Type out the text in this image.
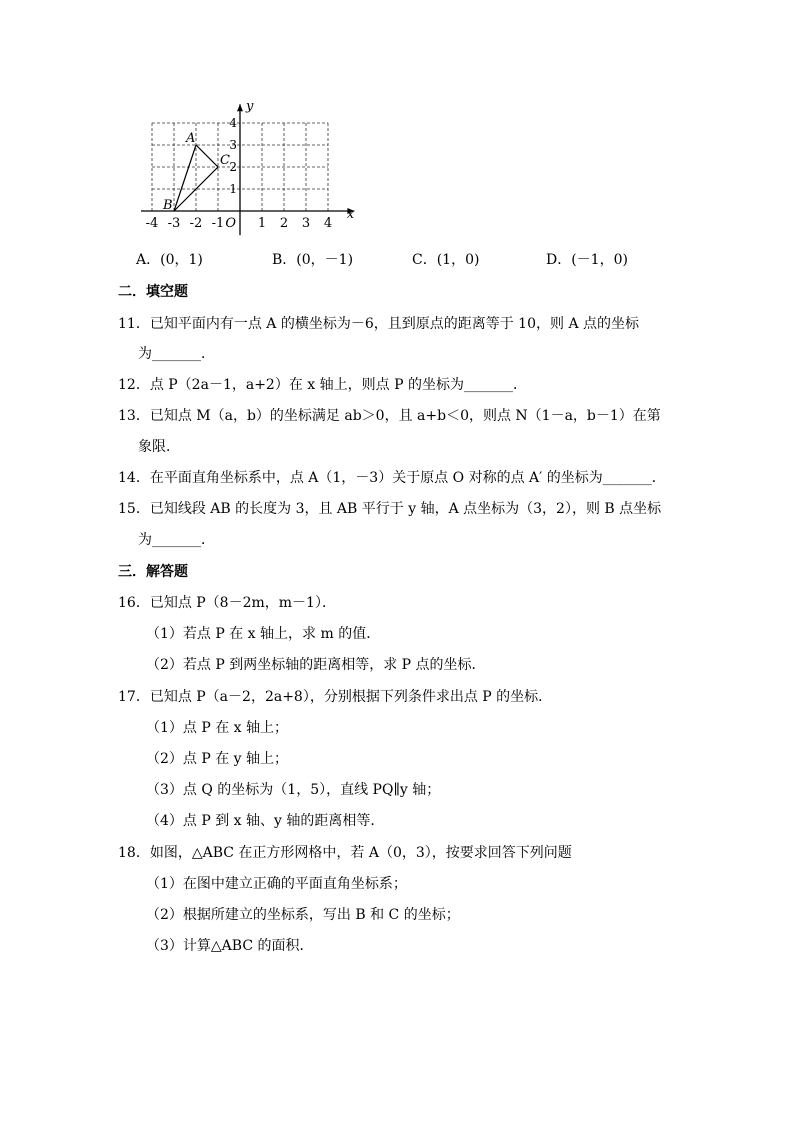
x
y
-4 -3 -2 -1	1 2 3 4
1
2
3
4
O
A
B
C
A．(0，1)	B．(0，－1)	C．(1，0)	D．(－1，0)
二．填空题
11．已知平面内有一点 A 的横坐标为－6，且到原点的距离等于 10，则 A 点的坐标
为_______．
12．点 P（2a－1，a+2）在 x 轴上，则点 P 的坐标为_______．
13．已知点 M（a，b）的坐标满足 ab＞0，且 a+b＜0，则点 N（1－a，b－1）在第
象限．
14．在平面直角坐标系中，点 A（1，－3）关于原点 O 对称的点 A′ 的坐标为_______．
15．已知线段 AB 的长度为 3，且 AB 平行于 y 轴，A 点坐标为（3，2），则 B 点坐标
为_______．
三．解答题
16．已知点 P（8－2m，m－1）．
（1）若点 P 在 x 轴上，求 m 的值．
（2）若点 P 到两坐标轴的距离相等，求 P 点的坐标．
17．已知点 P（a－2，2a+8），分别根据下列条件求出点 P 的坐标．
（1）点 P 在 x 轴上；
（2）点 P 在 y 轴上；
（3）点 Q 的坐标为（1，5），直线 PQ∥y 轴；
（4）点 P 到 x 轴、y 轴的距离相等．
18．如图，△ABC 在正方形网格中，若 A（0，3），按要求回答下列问题
（1）在图中建立正确的平面直角坐标系；
（2）根据所建立的坐标系，写出 B 和 C 的坐标；
（3）计算△ABC 的面积．
